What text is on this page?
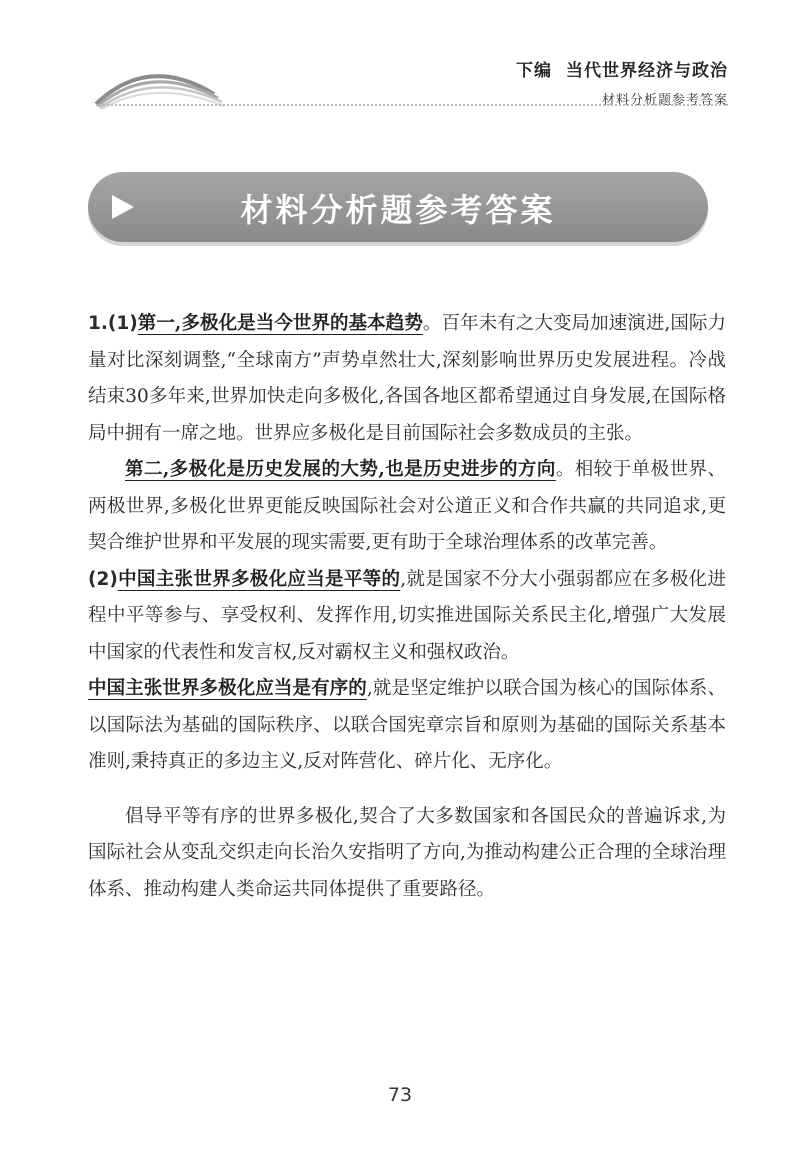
下编 当代世界经济与政治
材料分析题参考答案
材料分析题参考答案

1.(1)第一,多极化是当今世界的基本趋势。百年未有之大变局加速演进,国际力量对比深刻调整,“全球南方”声势卓然壮大,深刻影响世界历史发展进程。冷战结束30多年来,世界加快走向多极化,各国各地区都希望通过自身发展,在国际格局中拥有一席之地。世界应多极化是目前国际社会多数成员的主张。

第二,多极化是历史发展的大势,也是历史进步的方向。相较于单极世界、两极世界,多极化世界更能反映国际社会对公道正义和合作共赢的共同追求,更契合维护世界和平发展的现实需要,更有助于全球治理体系的改革完善。

(2)中国主张世界多极化应当是平等的,就是国家不分大小强弱都应在多极化进程中平等参与、享受权利、发挥作用,切实推进国际关系民主化,增强广大发展中国家的代表性和发言权,反对霸权主义和强权政治。

中国主张世界多极化应当是有序的,就是坚定维护以联合国为核心的国际体系、以国际法为基础的国际秩序、以联合国宪章宗旨和原则为基础的国际关系基本准则,秉持真正的多边主义,反对阵营化、碎片化、无序化。

倡导平等有序的世界多极化,契合了大多数国家和各国民众的普遍诉求,为国际社会从变乱交织走向长治久安指明了方向,为推动构建公正合理的全球治理体系、推动构建人类命运共同体提供了重要路径。

73
